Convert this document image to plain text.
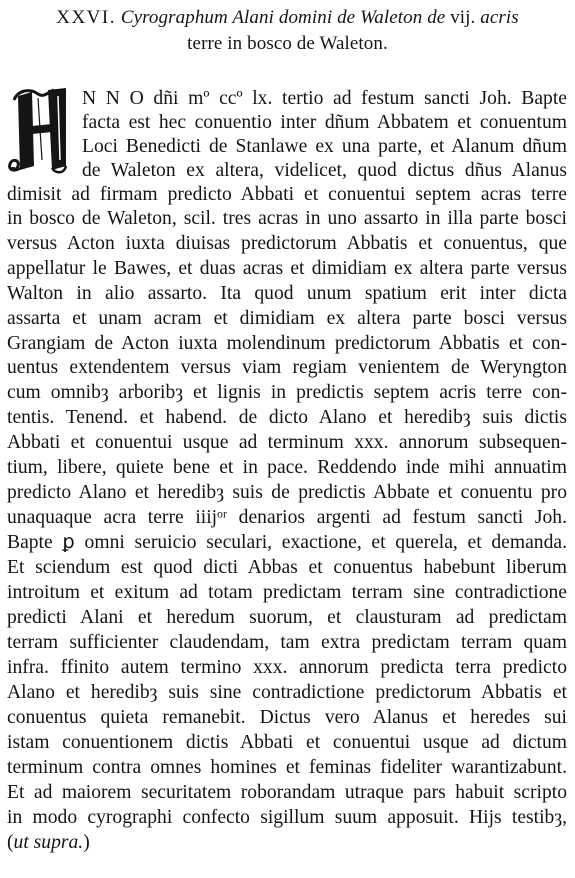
XXVI. Cyrographum Alani domini de Waleton de vij. acris
terre in bosco de Waleton.
N N O dñi mº ccº lx. tertio ad festum sancti Joh. Bapte
facta est hec conuentio inter dñum Abbatem et conuentum
Loci Benedicti de Stanlawe ex una parte, et Alanum dñum
de Waleton ex altera, videlicet, quod dictus dñus Alanus
dimisit ad firmam predicto Abbati et conuentui septem acras terre
in bosco de Waleton, scil. tres acras in uno assarto in illa parte bosci
versus Acton iuxta diuisas predictorum Abbatis et conuentus, que
appellatur le Bawes, et duas acras et dimidiam ex altera parte versus
Walton in alio assarto. Ita quod unum spatium erit inter dicta
assarta et unam acram et dimidiam ex altera parte bosci versus
Grangiam de Acton iuxta molendinum predictorum Abbatis et con-
uentus extendentem versus viam regiam venientem de Weryngton
cum omnibȝ arboribȝ et lignis in predictis septem acris terre con-
tentis. Tenend. et habend. de dicto Alano et heredibȝ suis dictis
Abbati et conuentui usque ad terminum xxx. annorum subsequen-
tium, libere, quiete bene et in pace. Reddendo inde mihi annuatim
predicto Alano et heredibȝ suis de predictis Abbate et conuentu pro
unaquaque acra terre iiijᵒʳ denarios argenti ad festum sancti Joh.
Bapte ꝑ omni seruicio seculari, exactione, et querela, et demanda.
Et sciendum est quod dicti Abbas et conuentus habebunt liberum
introitum et exitum ad totam predictam terram sine contradictione
predicti Alani et heredum suorum, et clausturam ad predictam
terram sufficienter claudendam, tam extra predictam terram quam
infra. ffinito autem termino xxx. annorum predicta terra predicto
Alano et heredibȝ suis sine contradictione predictorum Abbatis et
conuentus quieta remanebit. Dictus vero Alanus et heredes sui
istam conuentionem dictis Abbati et conuentui usque ad dictum
terminum contra omnes homines et feminas fideliter warantizabunt.
Et ad maiorem securitatem roborandam utraque pars habuit scripto
in modo cyrographi confecto sigillum suum apposuit. Hijs testibȝ,
(ut supra.)
